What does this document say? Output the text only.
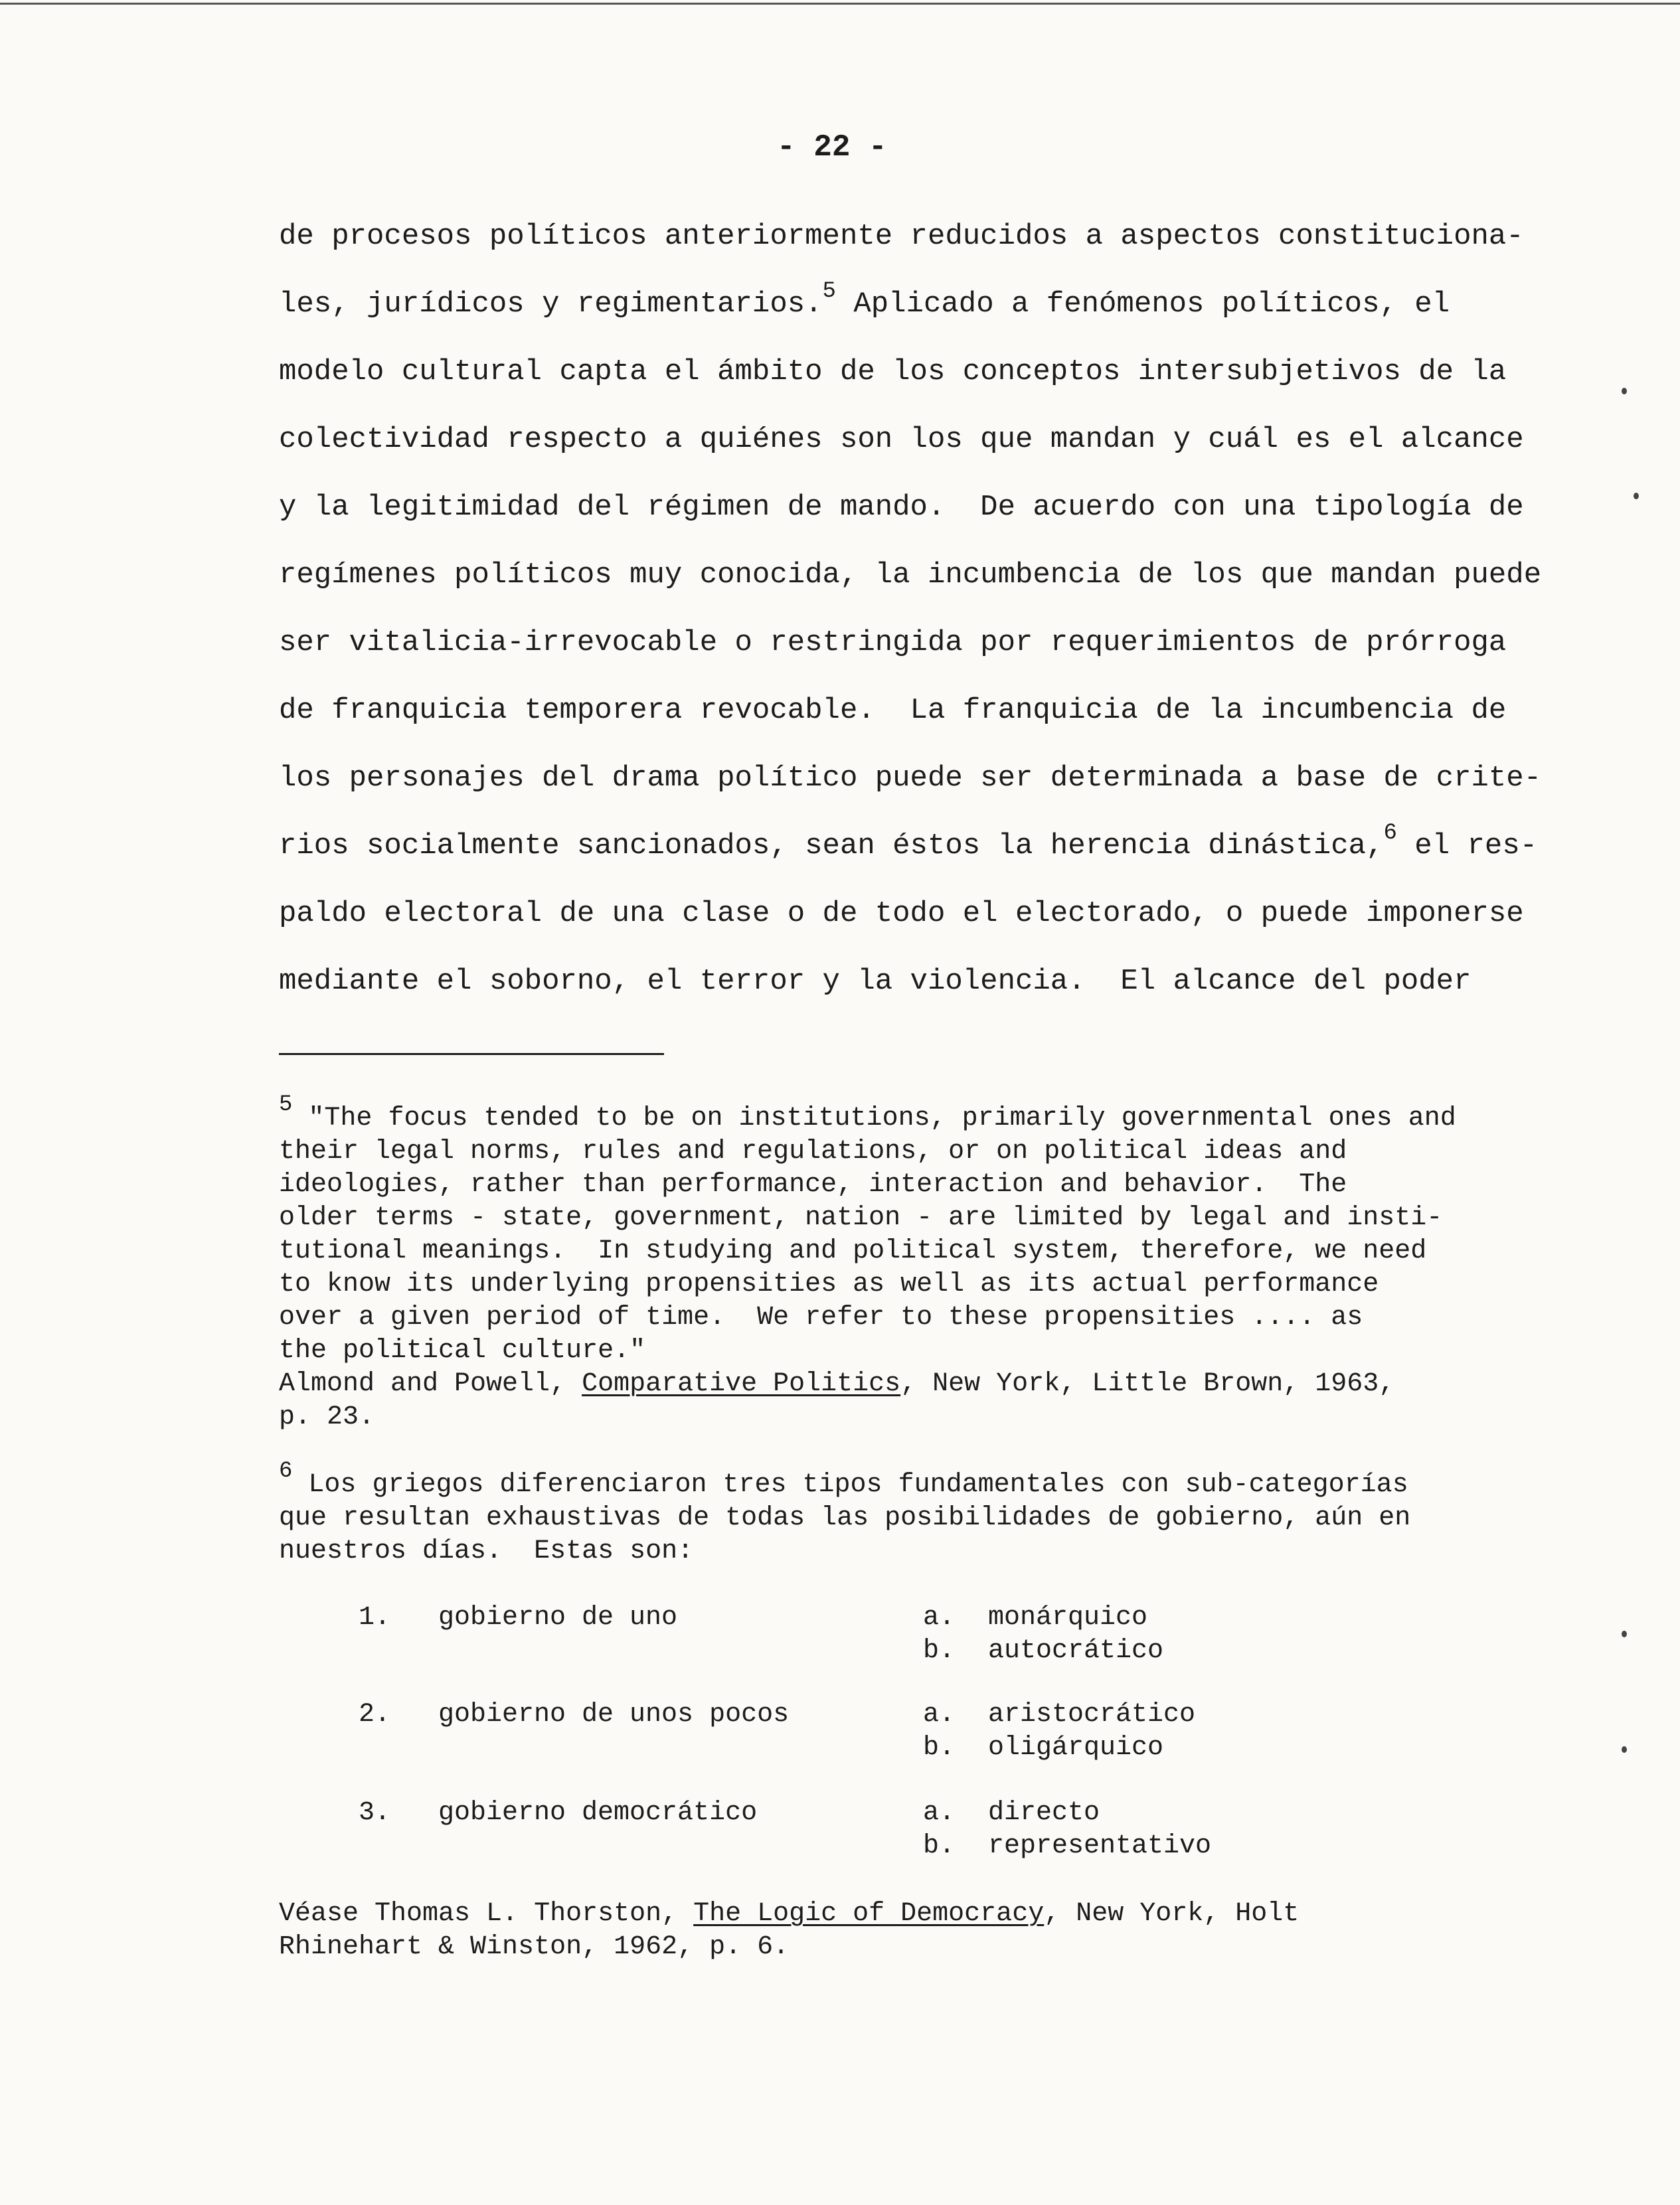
- 22 -
de procesos políticos anteriormente reducidos a aspectos constituciona-
les, jurídicos y regimentarios.$^5$ Aplicado a fenómenos políticos, el
modelo cultural capta el ámbito de los conceptos intersubjetivos de la
colectividad respecto a quiénes son los que mandan y cuál es el alcance
y la legitimidad del régimen de mando.  De acuerdo con una tipología de
regímenes políticos muy conocida, la incumbencia de los que mandan puede
ser vitalicia-irrevocable o restringida por requerimientos de prórroga
de franquicia temporera revocable.  La franquicia de la incumbencia de
los personajes del drama político puede ser determinada a base de crite-
rios socialmente sancionados, sean éstos la herencia dinástica,$^6$ el res-
paldo electoral de una clase o de todo el electorado, o puede imponerse
mediante el soborno, el terror y la violencia.  El alcance del poder
$^5$ "The focus tended to be on institutions, primarily governmental ones and
their legal norms, rules and regulations, or on political ideas and
ideologies, rather than performance, interaction and behavior.  The
older terms - state, government, nation - are limited by legal and insti-
tutional meanings.  In studying and political system, therefore, we need
to know its underlying propensities as well as its actual performance
over a given period of time.  We refer to these propensities .... as
the political culture."
Almond and Powell, Comparative Politics, New York, Little Brown, 1963,
p. 23.
$^6$ Los griegos diferenciaron tres tipos fundamentales con sub-categorías
que resultan exhaustivas de todas las posibilidades de gobierno, aún en
nuestros días.  Estas son:
1. gobierno de uno	a. monárquico
b. autocrático
2. gobierno de unos pocos	a. aristocrático
b. oligárquico
3. gobierno democrático	a. directo
b. representativo
Véase Thomas L. Thorston, The Logic of Democracy, New York, Holt
Rhinehart & Winston, 1962, p. 6.
